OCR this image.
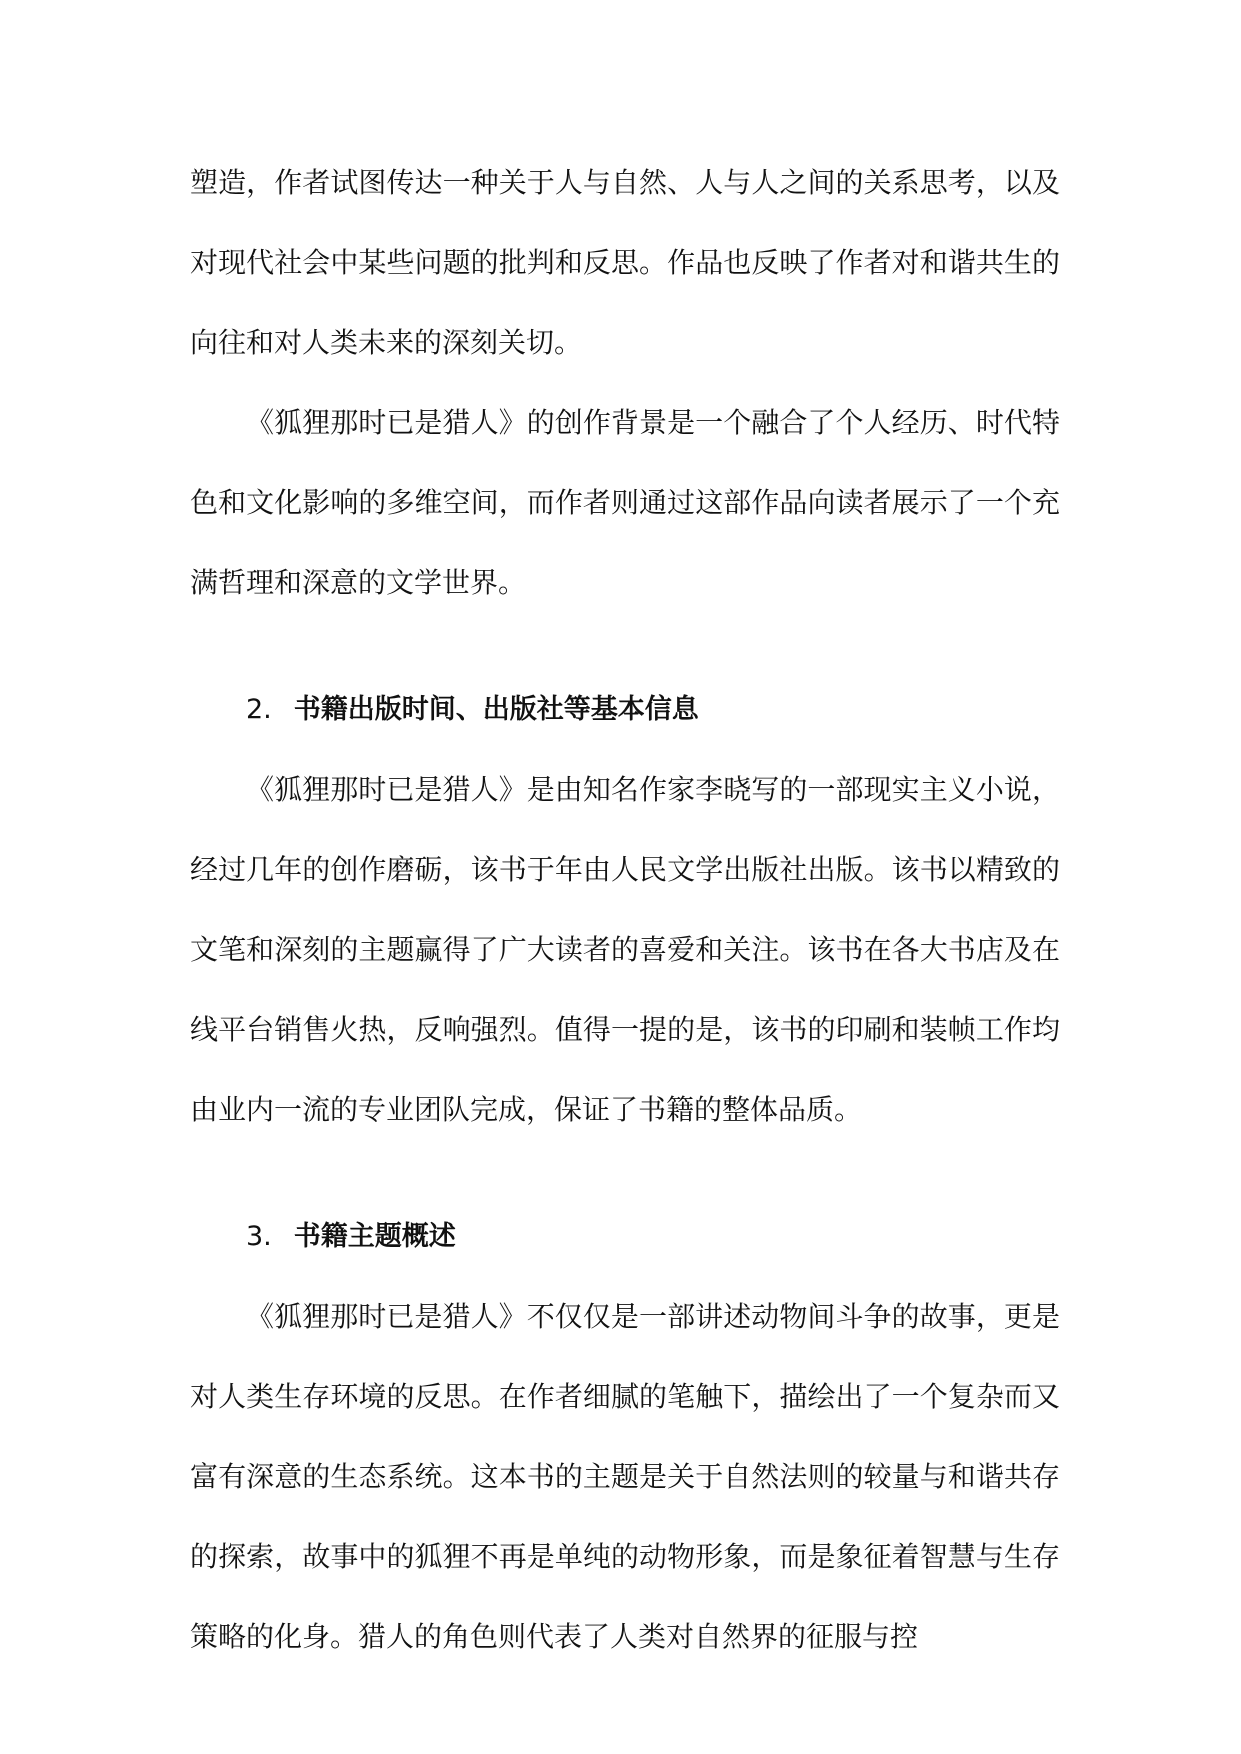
塑造，作者试图传达一种关于人与自然、人与人之间的关系思考，以及对现代社会中某些问题的批判和反思。作品也反映了作者对和谐共生的向往和对人类未来的深刻关切。

《狐狸那时已是猎人》的创作背景是一个融合了个人经历、时代特色和文化影响的多维空间，而作者则通过这部作品向读者展示了一个充满哲理和深意的文学世界。

2. 书籍出版时间、出版社等基本信息

《狐狸那时已是猎人》是由知名作家李晓写的一部现实主义小说，经过几年的创作磨砺，该书于年由人民文学出版社出版。该书以精致的文笔和深刻的主题赢得了广大读者的喜爱和关注。该书在各大书店及在线平台销售火热，反响强烈。值得一提的是，该书的印刷和装帧工作均由业内一流的专业团队完成，保证了书籍的整体品质。

3. 书籍主题概述

《狐狸那时已是猎人》不仅仅是一部讲述动物间斗争的故事，更是对人类生存环境的反思。在作者细腻的笔触下，描绘出了一个复杂而又富有深意的生态系统。这本书的主题是关于自然法则的较量与和谐共存的探索，故事中的狐狸不再是单纯的动物形象，而是象征着智慧与生存策略的化身。猎人的角色则代表了人类对自然界的征服与控
